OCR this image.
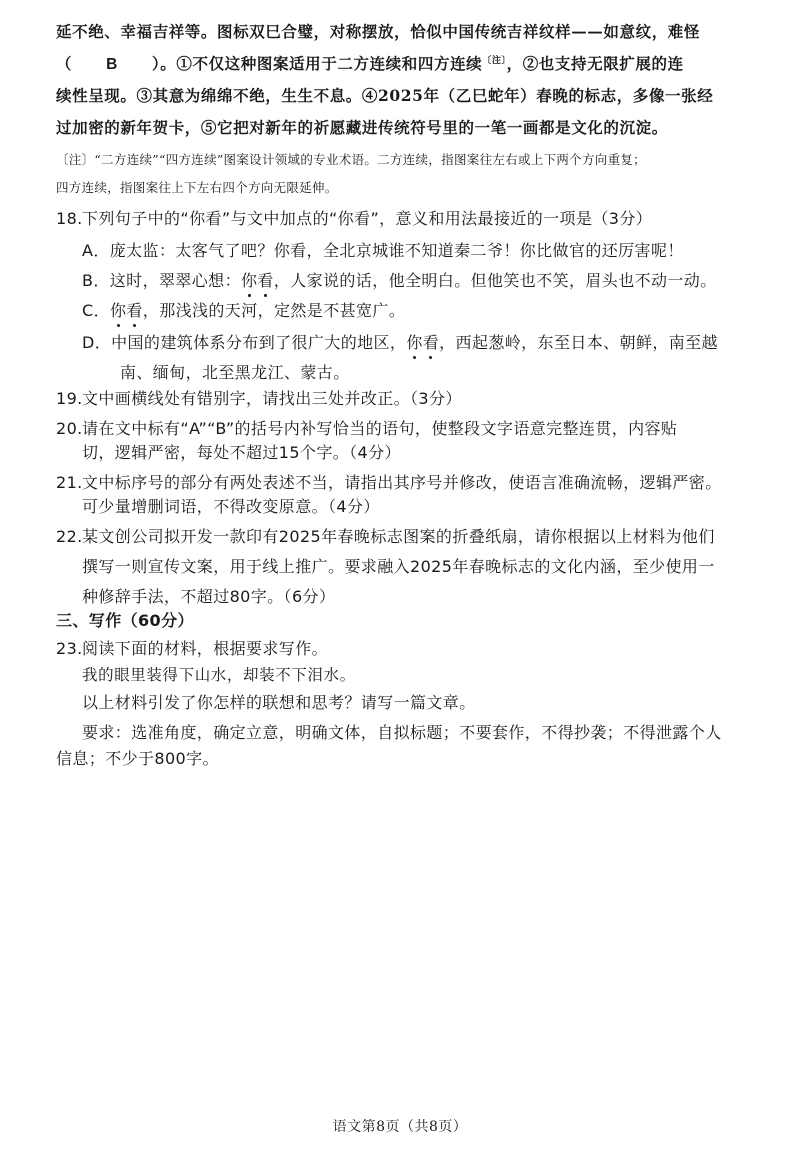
延不绝、幸福吉祥等。图标双巳合璧，对称摆放，恰似中国传统吉祥纹样——如意纹，难怪
（ B ）。①不仅这种图案适用于二方连续和四方连续$^{〔注〕}$，②也支持无限扩展的连
续性呈现。③其意为绵绵不绝，生生不息。④2025年（乙巳蛇年）春晚的标志，多像一张经
过加密的新年贺卡，⑤它把对新年的祈愿藏进传统符号里的一笔一画都是文化的沉淀。
〔注〕“二方连续”“四方连续”图案设计领域的专业术语。二方连续，指图案往左右或上下两个方向重复；
四方连续，指图案往上下左右四个方向无限延伸。
18.下列句子中的“你看”与文中加点的“你看”，意义和用法最接近的一项是（3分）
A．庞太监：太客气了吧？你看，全北京城谁不知道秦二爷！你比做官的还厉害呢！
B．这时，翠翠心想：你看，人家说的话，他全明白。但他笑也不笑，眉头也不动一动。
C．你看，那浅浅的天河，定然是不甚宽广。
D．中国的建筑体系分布到了很广大的地区，你看，西起葱岭，东至日本、朝鲜，南至越
南、缅甸，北至黑龙江、蒙古。
19.文中画横线处有错别字，请找出三处并改正。（3分）
20.请在文中标有“A”“B”的括号内补写恰当的语句，使整段文字语意完整连贯，内容贴
切，逻辑严密，每处不超过15个字。（4分）
21.文中标序号的部分有两处表述不当，请指出其序号并修改，使语言准确流畅，逻辑严密。
可少量增删词语，不得改变原意。（4分）
22.某文创公司拟开发一款印有2025年春晚标志图案的折叠纸扇，请你根据以上材料为他们
撰写一则宣传文案，用于线上推广。要求融入2025年春晚标志的文化内涵，至少使用一
种修辞手法，不超过80字。（6分）
三、写作（60分）
23.阅读下面的材料，根据要求写作。
我的眼里装得下山水，却装不下泪水。
以上材料引发了你怎样的联想和思考？请写一篇文章。
要求：选准角度，确定立意，明确文体，自拟标题；不要套作，不得抄袭；不得泄露个人
信息；不少于800字。
语文第8页（共8页）
